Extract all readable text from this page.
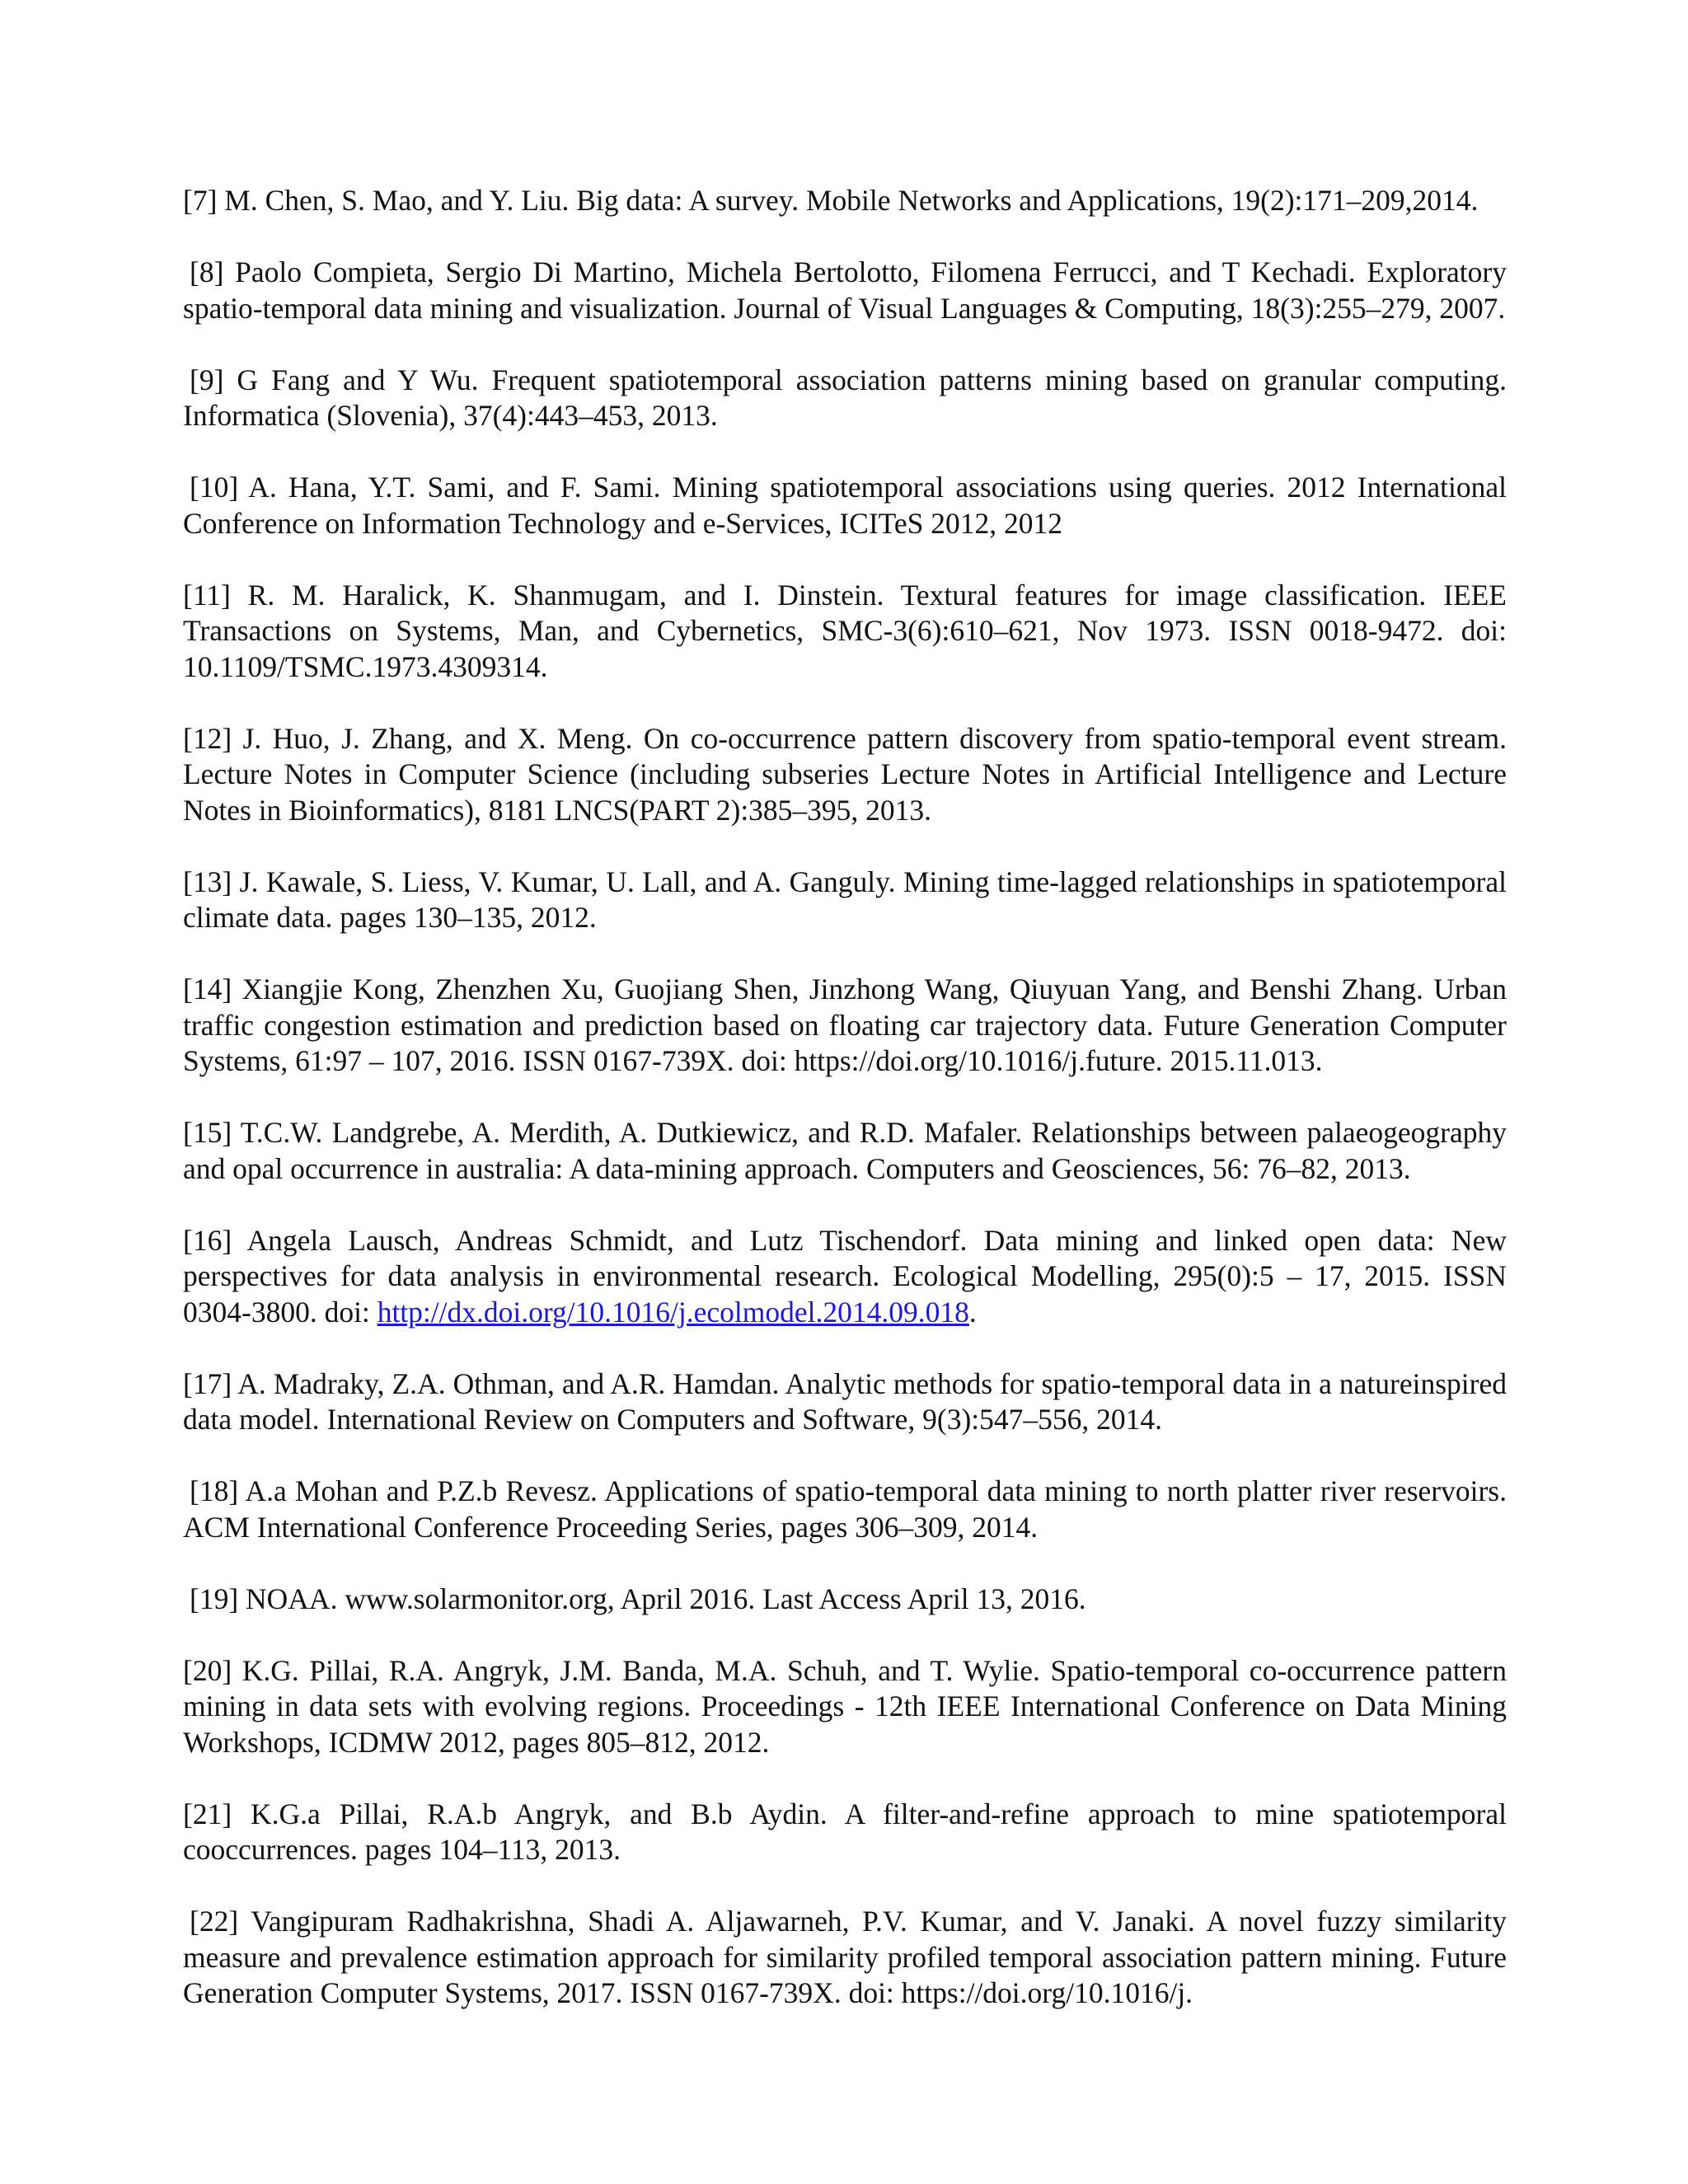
[7] M. Chen, S. Mao, and Y. Liu. Big data: A survey. Mobile Networks and Applications, 19(2):171–209,2014.

[8] Paolo Compieta, Sergio Di Martino, Michela Bertolotto, Filomena Ferrucci, and T Kechadi. Exploratory spatio-temporal data mining and visualization. Journal of Visual Languages & Computing, 18(3):255–279, 2007.

[9] G Fang and Y Wu. Frequent spatiotemporal association patterns mining based on granular computing. Informatica (Slovenia), 37(4):443–453, 2013.

[10] A. Hana, Y.T. Sami, and F. Sami. Mining spatiotemporal associations using queries. 2012 International Conference on Information Technology and e-Services, ICITeS 2012, 2012

[11] R. M. Haralick, K. Shanmugam, and I. Dinstein. Textural features for image classification. IEEE Transactions on Systems, Man, and Cybernetics, SMC-3(6):610–621, Nov 1973. ISSN 0018-9472. doi: 10.1109/TSMC.1973.4309314.

[12] J. Huo, J. Zhang, and X. Meng. On co-occurrence pattern discovery from spatio-temporal event stream. Lecture Notes in Computer Science (including subseries Lecture Notes in Artificial Intelligence and Lecture Notes in Bioinformatics), 8181 LNCS(PART 2):385–395, 2013.

[13] J. Kawale, S. Liess, V. Kumar, U. Lall, and A. Ganguly. Mining time-lagged relationships in spatiotemporal climate data. pages 130–135, 2012.

[14] Xiangjie Kong, Zhenzhen Xu, Guojiang Shen, Jinzhong Wang, Qiuyuan Yang, and Benshi Zhang. Urban traffic congestion estimation and prediction based on floating car trajectory data. Future Generation Computer Systems, 61:97 – 107, 2016. ISSN 0167-739X. doi: https://doi.org/10.1016/j.future. 2015.11.013.

[15] T.C.W. Landgrebe, A. Merdith, A. Dutkiewicz, and R.D. Mafaler. Relationships between palaeogeography and opal occurrence in australia: A data-mining approach. Computers and Geosciences, 56: 76–82, 2013.

[16] Angela Lausch, Andreas Schmidt, and Lutz Tischendorf. Data mining and linked open data: New perspectives for data analysis in environmental research. Ecological Modelling, 295(0):5 – 17, 2015. ISSN 0304-3800. doi: http://dx.doi.org/10.1016/j.ecolmodel.2014.09.018.

[17] A. Madraky, Z.A. Othman, and A.R. Hamdan. Analytic methods for spatio-temporal data in a natureinspired data model. International Review on Computers and Software, 9(3):547–556, 2014.

[18] A.a Mohan and P.Z.b Revesz. Applications of spatio-temporal data mining to north platter river reservoirs. ACM International Conference Proceeding Series, pages 306–309, 2014.

[19] NOAA. www.solarmonitor.org, April 2016. Last Access April 13, 2016.

[20] K.G. Pillai, R.A. Angryk, J.M. Banda, M.A. Schuh, and T. Wylie. Spatio-temporal co-occurrence pattern mining in data sets with evolving regions. Proceedings - 12th IEEE International Conference on Data Mining Workshops, ICDMW 2012, pages 805–812, 2012.

[21] K.G.a Pillai, R.A.b Angryk, and B.b Aydin. A filter-and-refine approach to mine spatiotemporal cooccurrences. pages 104–113, 2013.

[22] Vangipuram Radhakrishna, Shadi A. Aljawarneh, P.V. Kumar, and V. Janaki. A novel fuzzy similarity measure and prevalence estimation approach for similarity profiled temporal association pattern mining. Future Generation Computer Systems, 2017. ISSN 0167-739X. doi: https://doi.org/10.1016/j.
